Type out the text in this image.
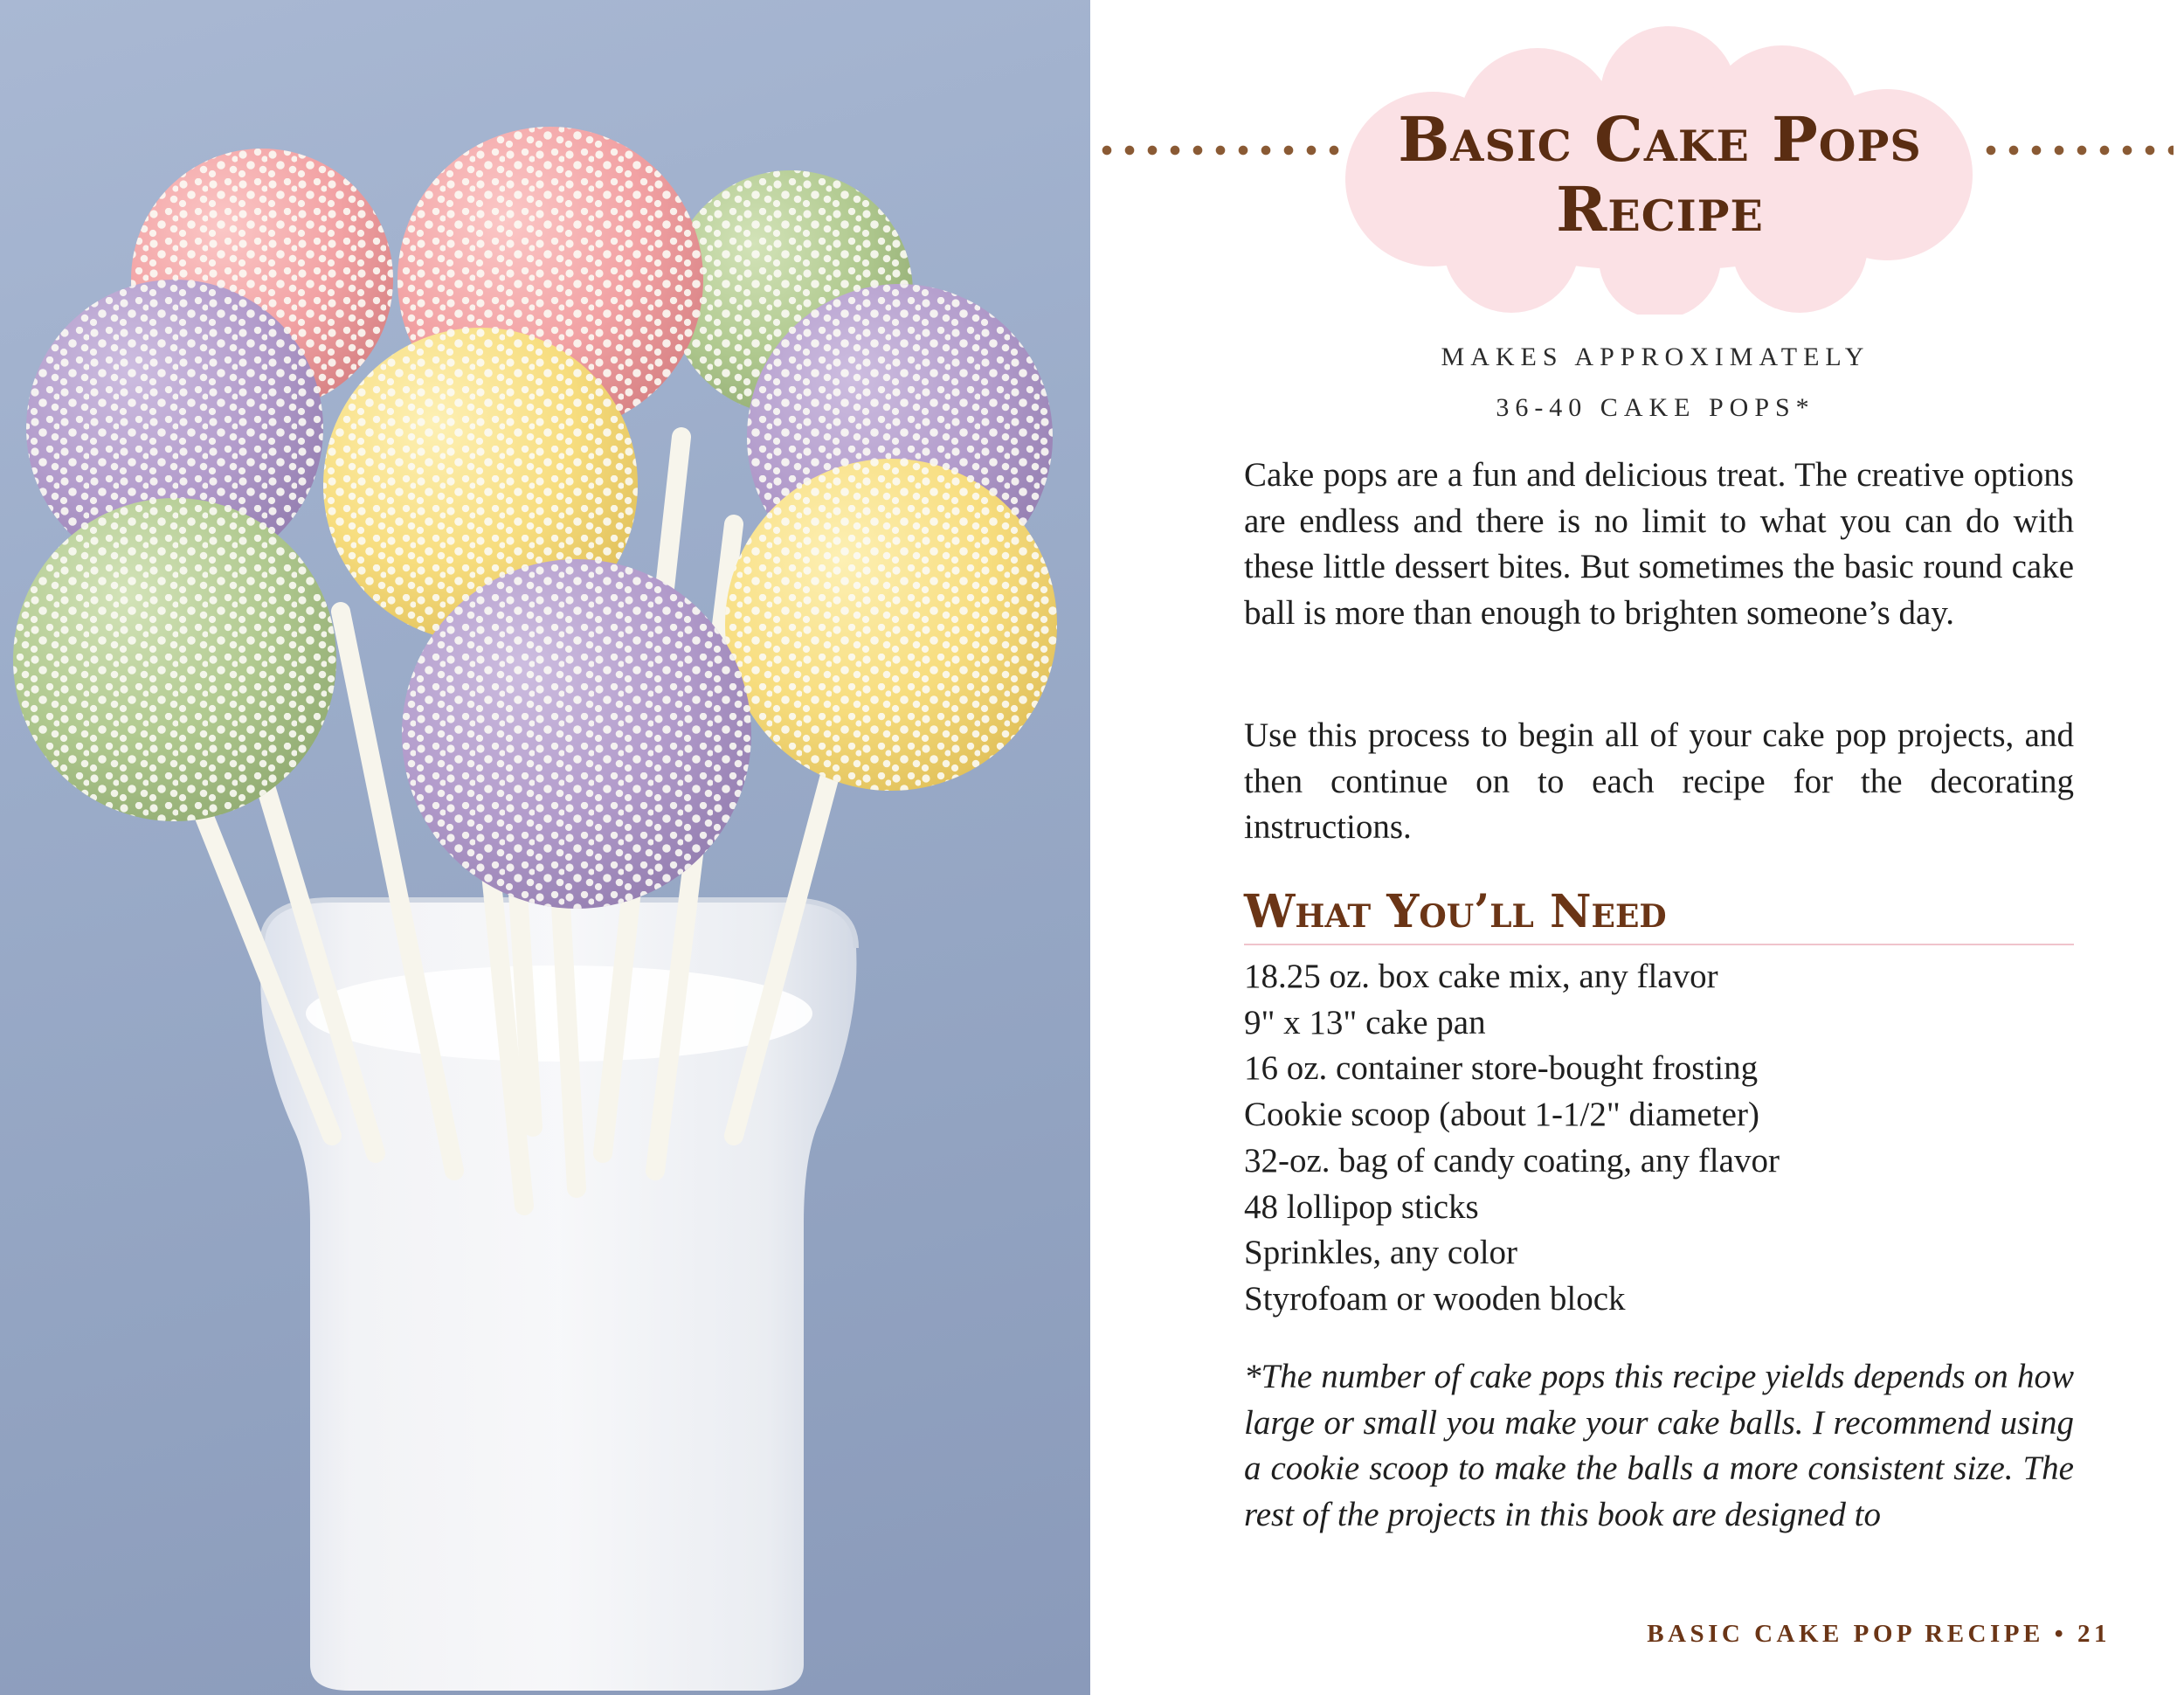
Basic Cake Pops
Recipe
MAKES APPROXIMATELY
36-40 CAKE POPS*

Cake pops are a fun and delicious treat. The creative options are endless and there is no limit to what you can do with these little dessert bites. But sometimes the basic round cake ball is more than enough to brighten someone’s day.

Use this process to begin all of your cake pop projects, and then continue on to each recipe for the decorating instructions.

What You’ll Need
18.25 oz. box cake mix, any flavor
9" x 13" cake pan
16 oz. container store-bought frosting
Cookie scoop (about 1-1/2" diameter)
32-oz. bag of candy coating, any flavor
48 lollipop sticks
Sprinkles, any color
Styrofoam or wooden block

*The number of cake pops this recipe yields depends on how large or small you make your cake balls. I recommend using a cookie scoop to make the balls a more consistent size. The rest of the projects in this book are designed to

BASIC CAKE POP RECIPE • 21
